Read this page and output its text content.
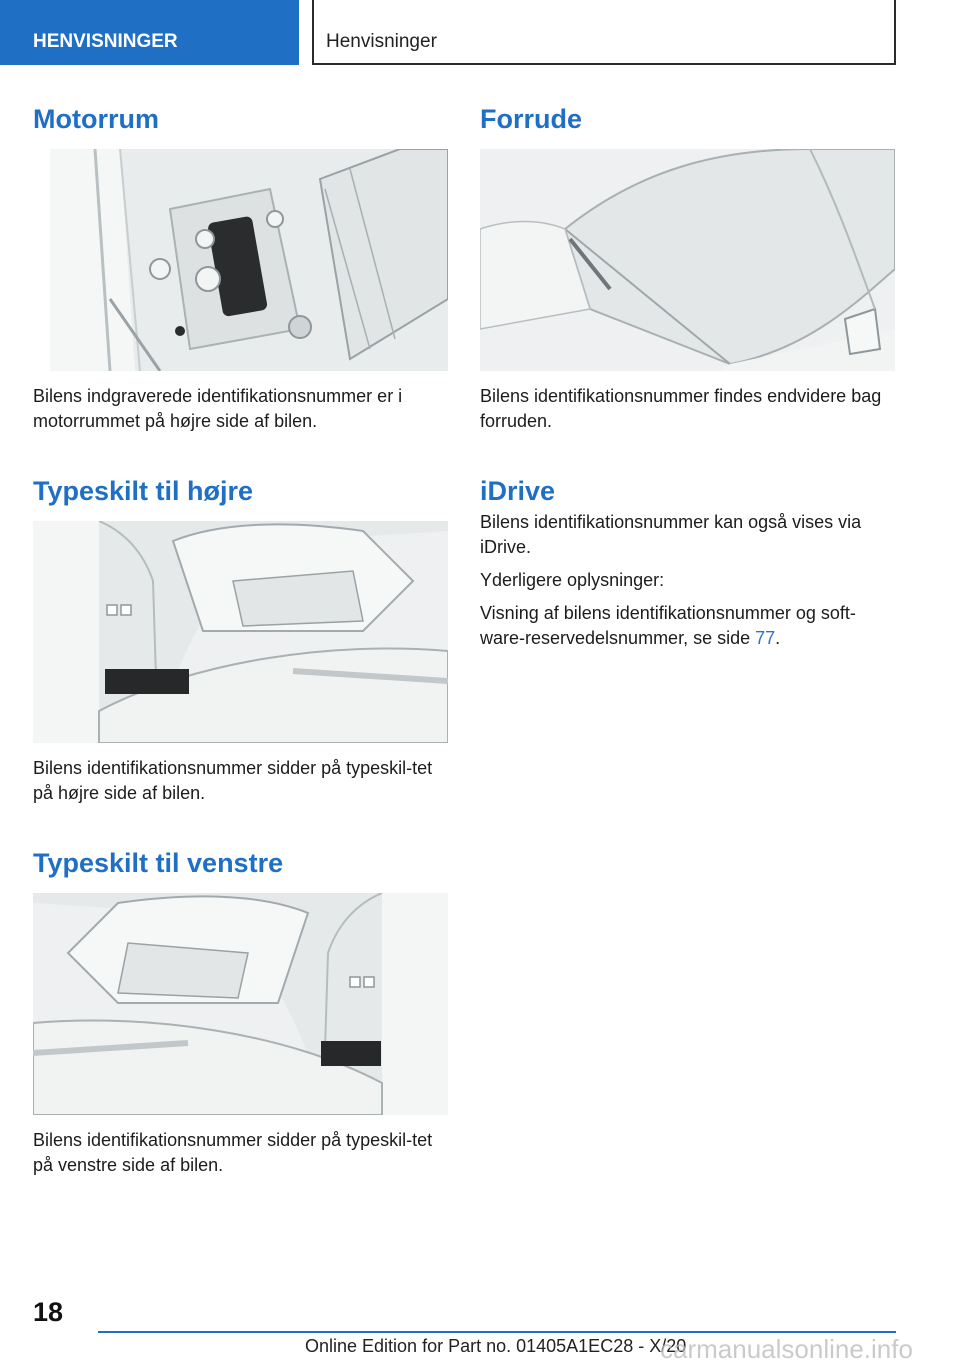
HENVISNINGER	Henvisninger
Motorrum

Bilens indgraverede identifikationsnummer er i motorrummet på højre side af bilen.

Typeskilt til højre

Bilens identifikationsnummer sidder på typeskil-tet på højre side af bilen.

Typeskilt til venstre

Bilens identifikationsnummer sidder på typeskil-tet på venstre side af bilen.

Forrude

Bilens identifikationsnummer findes endvidere bag forruden.

iDrive

Bilens identifikationsnummer kan også vises via iDrive.

Yderligere oplysninger:

Visning af bilens identifikationsnummer og soft-ware-reservedelsnummer, se side 77.

18
Online Edition for Part no. 01405A1EC28 - X/20
carmanualsonline.info
